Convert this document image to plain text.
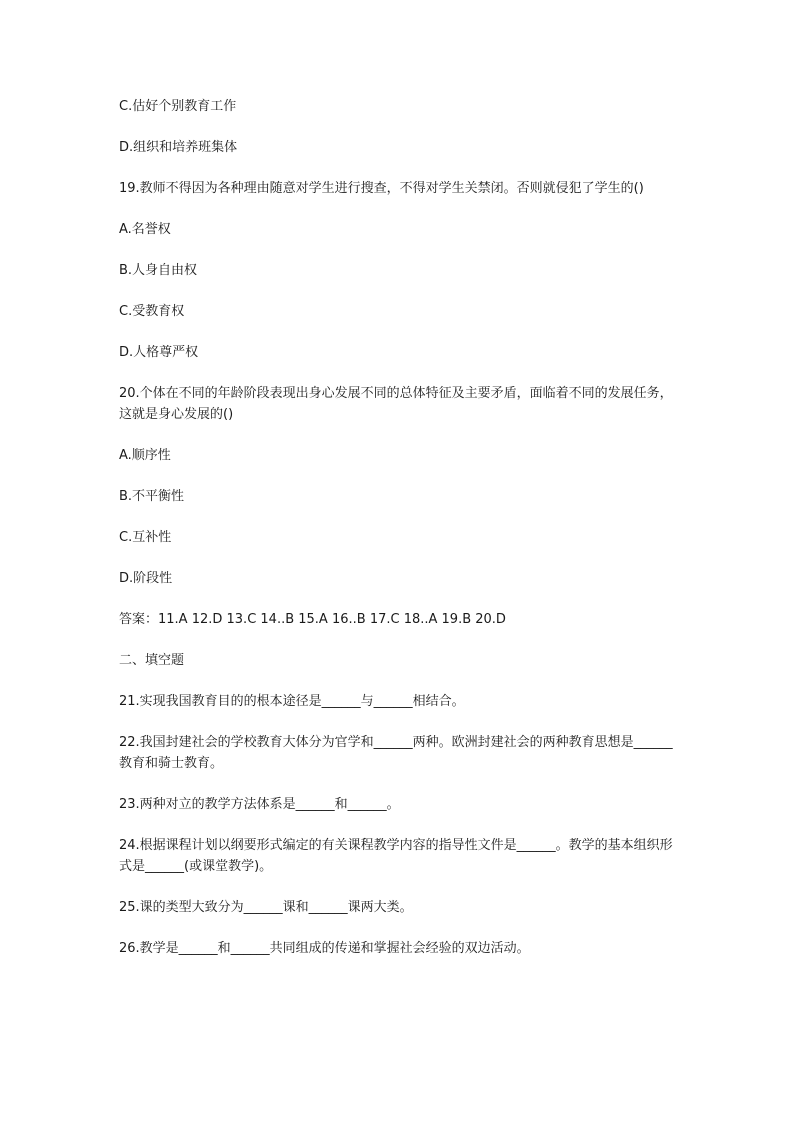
C.估好个别教育工作

D.组织和培养班集体

19.教师不得因为各种理由随意对学生进行搜查，不得对学生关禁闭。否则就侵犯了学生的()

A.名誉权

B.人身自由权

C.受教育权

D.人格尊严权

20.个体在不同的年龄阶段表现出身心发展不同的总体特征及主要矛盾，面临着不同的发展任务，这就是身心发展的()

A.顺序性

B.不平衡性

C.互补性

D.阶段性

答案：11.A 12.D 13.C 14..B 15.A 16..B 17.C 18..A 19.B 20.D

二、填空题

21.实现我国教育目的的根本途径是______与______相结合。

22.我国封建社会的学校教育大体分为官学和______两种。欧洲封建社会的两种教育思想是______教育和骑士教育。

23.两种对立的教学方法体系是______和______。

24.根据课程计划以纲要形式编定的有关课程教学内容的指导性文件是______。教学的基本组织形式是______(或课堂教学)。

25.课的类型大致分为______课和______课两大类。

26.教学是______和______共同组成的传递和掌握社会经验的双边活动。
